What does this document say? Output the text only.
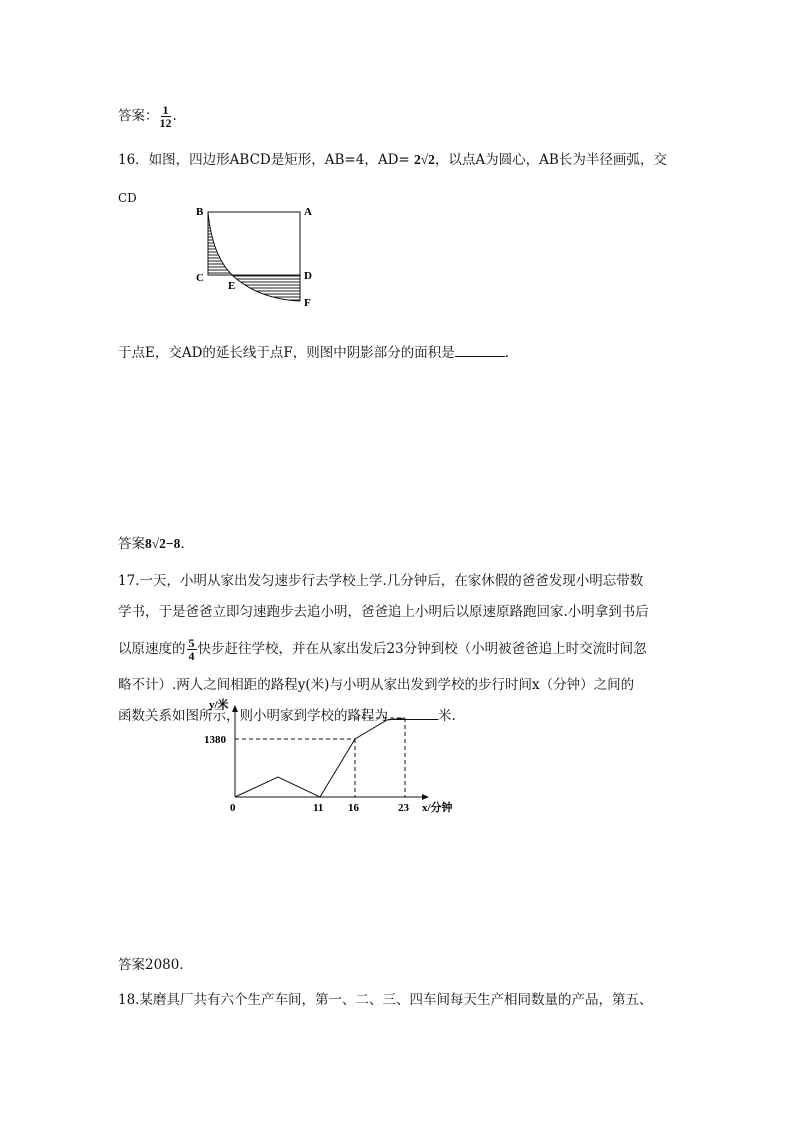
答案： $\frac{1}{12}$ .
16．如图，四边形ABCD是矩形，AB=4，AD= 2√2，以点A为圆心，AB长为半径画弧，交
CD
B	A
C	D
E
F
于点E，交AD的延长线于点F，则图中阴影部分的面积是	.
答案8√2−8.
17.一天，小明从家出发匀速步行去学校上学.几分钟后，在家休假的爸爸发现小明忘带数
学书，于是爸爸立即匀速跑步去追小明，爸爸追上小明后以原速原路跑回家.小明拿到书后
以原速度的 $\frac{5}{4}$ 快步赶往学校，并在从家出发后23分钟到校（小明被爸爸追上时交流时间忽
略不计）.两人之间相距的路程y(米)与小明从家出发到学校的步行时间x（分钟）之间的
函数关系如图所示，则小明家到学校的路程为	米.
y/米
1380
0	11 16	23 x/分钟
答案2080.
18.某磨具厂共有六个生产车间，第一、二、三、四车间每天生产相同数量的产品，第五、
